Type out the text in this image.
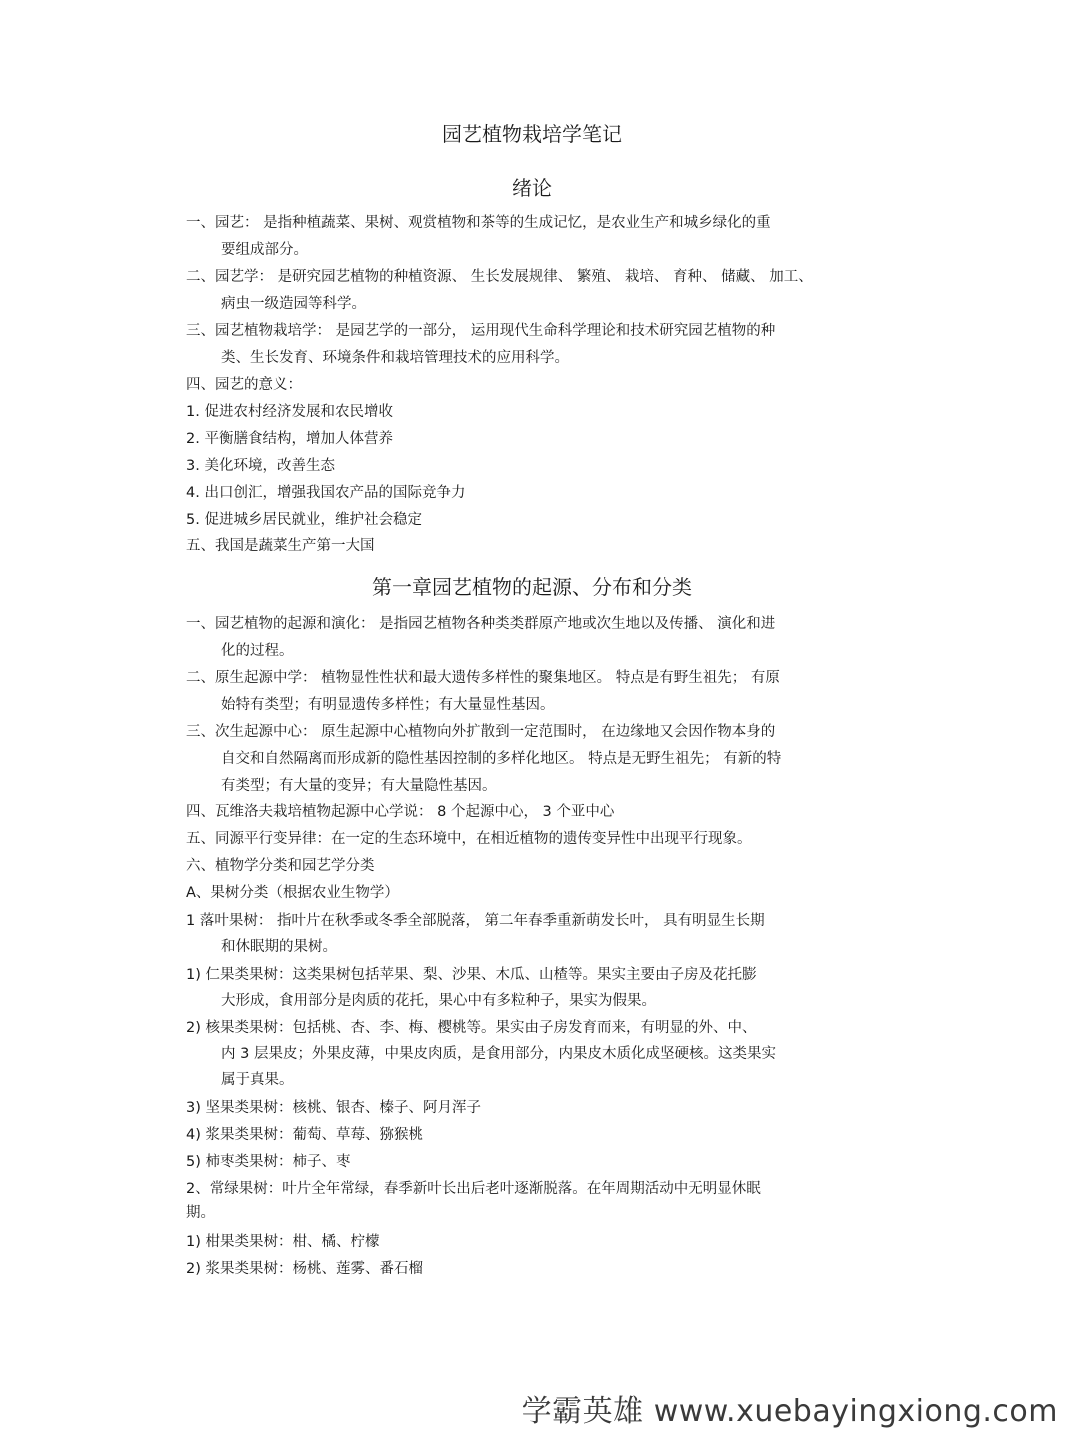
园艺植物栽培学笔记
绪论
一、园艺： 是指种植蔬菜、果树、观赏植物和茶等的生成记忆，是农业生产和城乡绿化的重
要组成部分。
二、园艺学： 是研究园艺植物的种植资源、 生长发展规律、 繁殖、 栽培、 育种、 储藏、 加工、
病虫一级造园等科学。
三、园艺植物栽培学： 是园艺学的一部分， 运用现代生命科学理论和技术研究园艺植物的种
类、生长发育、环境条件和栽培管理技术的应用科学。
四、园艺的意义：
1. 促进农村经济发展和农民增收
2. 平衡膳食结构，增加人体营养
3. 美化环境，改善生态
4. 出口创汇，增强我国农产品的国际竞争力
5. 促进城乡居民就业，维护社会稳定
五、我国是蔬菜生产第一大国
第一章园艺植物的起源、分布和分类
一、园艺植物的起源和演化： 是指园艺植物各种类类群原产地或次生地以及传播、 演化和进
化的过程。
二、原生起源中学： 植物显性性状和最大遗传多样性的聚集地区。 特点是有野生祖先； 有原
始特有类型；有明显遗传多样性；有大量显性基因。
三、次生起源中心： 原生起源中心植物向外扩散到一定范围时， 在边缘地又会因作物本身的
自交和自然隔离而形成新的隐性基因控制的多样化地区。 特点是无野生祖先； 有新的特
有类型；有大量的变异；有大量隐性基因。
四、瓦维洛夫栽培植物起源中心学说： 8 个起源中心， 3 个亚中心
五、同源平行变异律：在一定的生态环境中，在相近植物的遗传变异性中出现平行现象。
六、植物学分类和园艺学分类
A、果树分类（根据农业生物学）
1 落叶果树： 指叶片在秋季或冬季全部脱落， 第二年春季重新萌发长叶， 具有明显生长期
和休眠期的果树。
1) 仁果类果树：这类果树包括苹果、梨、沙果、木瓜、山楂等。果实主要由子房及花托膨
大形成，食用部分是肉质的花托，果心中有多粒种子，果实为假果。
2) 核果类果树：包括桃、杏、李、梅、樱桃等。果实由子房发育而来，有明显的外、中、
内 3 层果皮；外果皮薄，中果皮肉质，是食用部分，内果皮木质化成坚硬核。这类果实
属于真果。
3) 坚果类果树：核桃、银杏、榛子、阿月浑子
4) 浆果类果树：葡萄、草莓、猕猴桃
5) 柿枣类果树：柿子、枣
2、常绿果树：叶片全年常绿，春季新叶长出后老叶逐渐脱落。在年周期活动中无明显休眠
期。
1) 柑果类果树：柑、橘、柠檬
2) 浆果类果树：杨桃、莲雾、番石榴
学霸英雄 www.xuebayingxiong.com
